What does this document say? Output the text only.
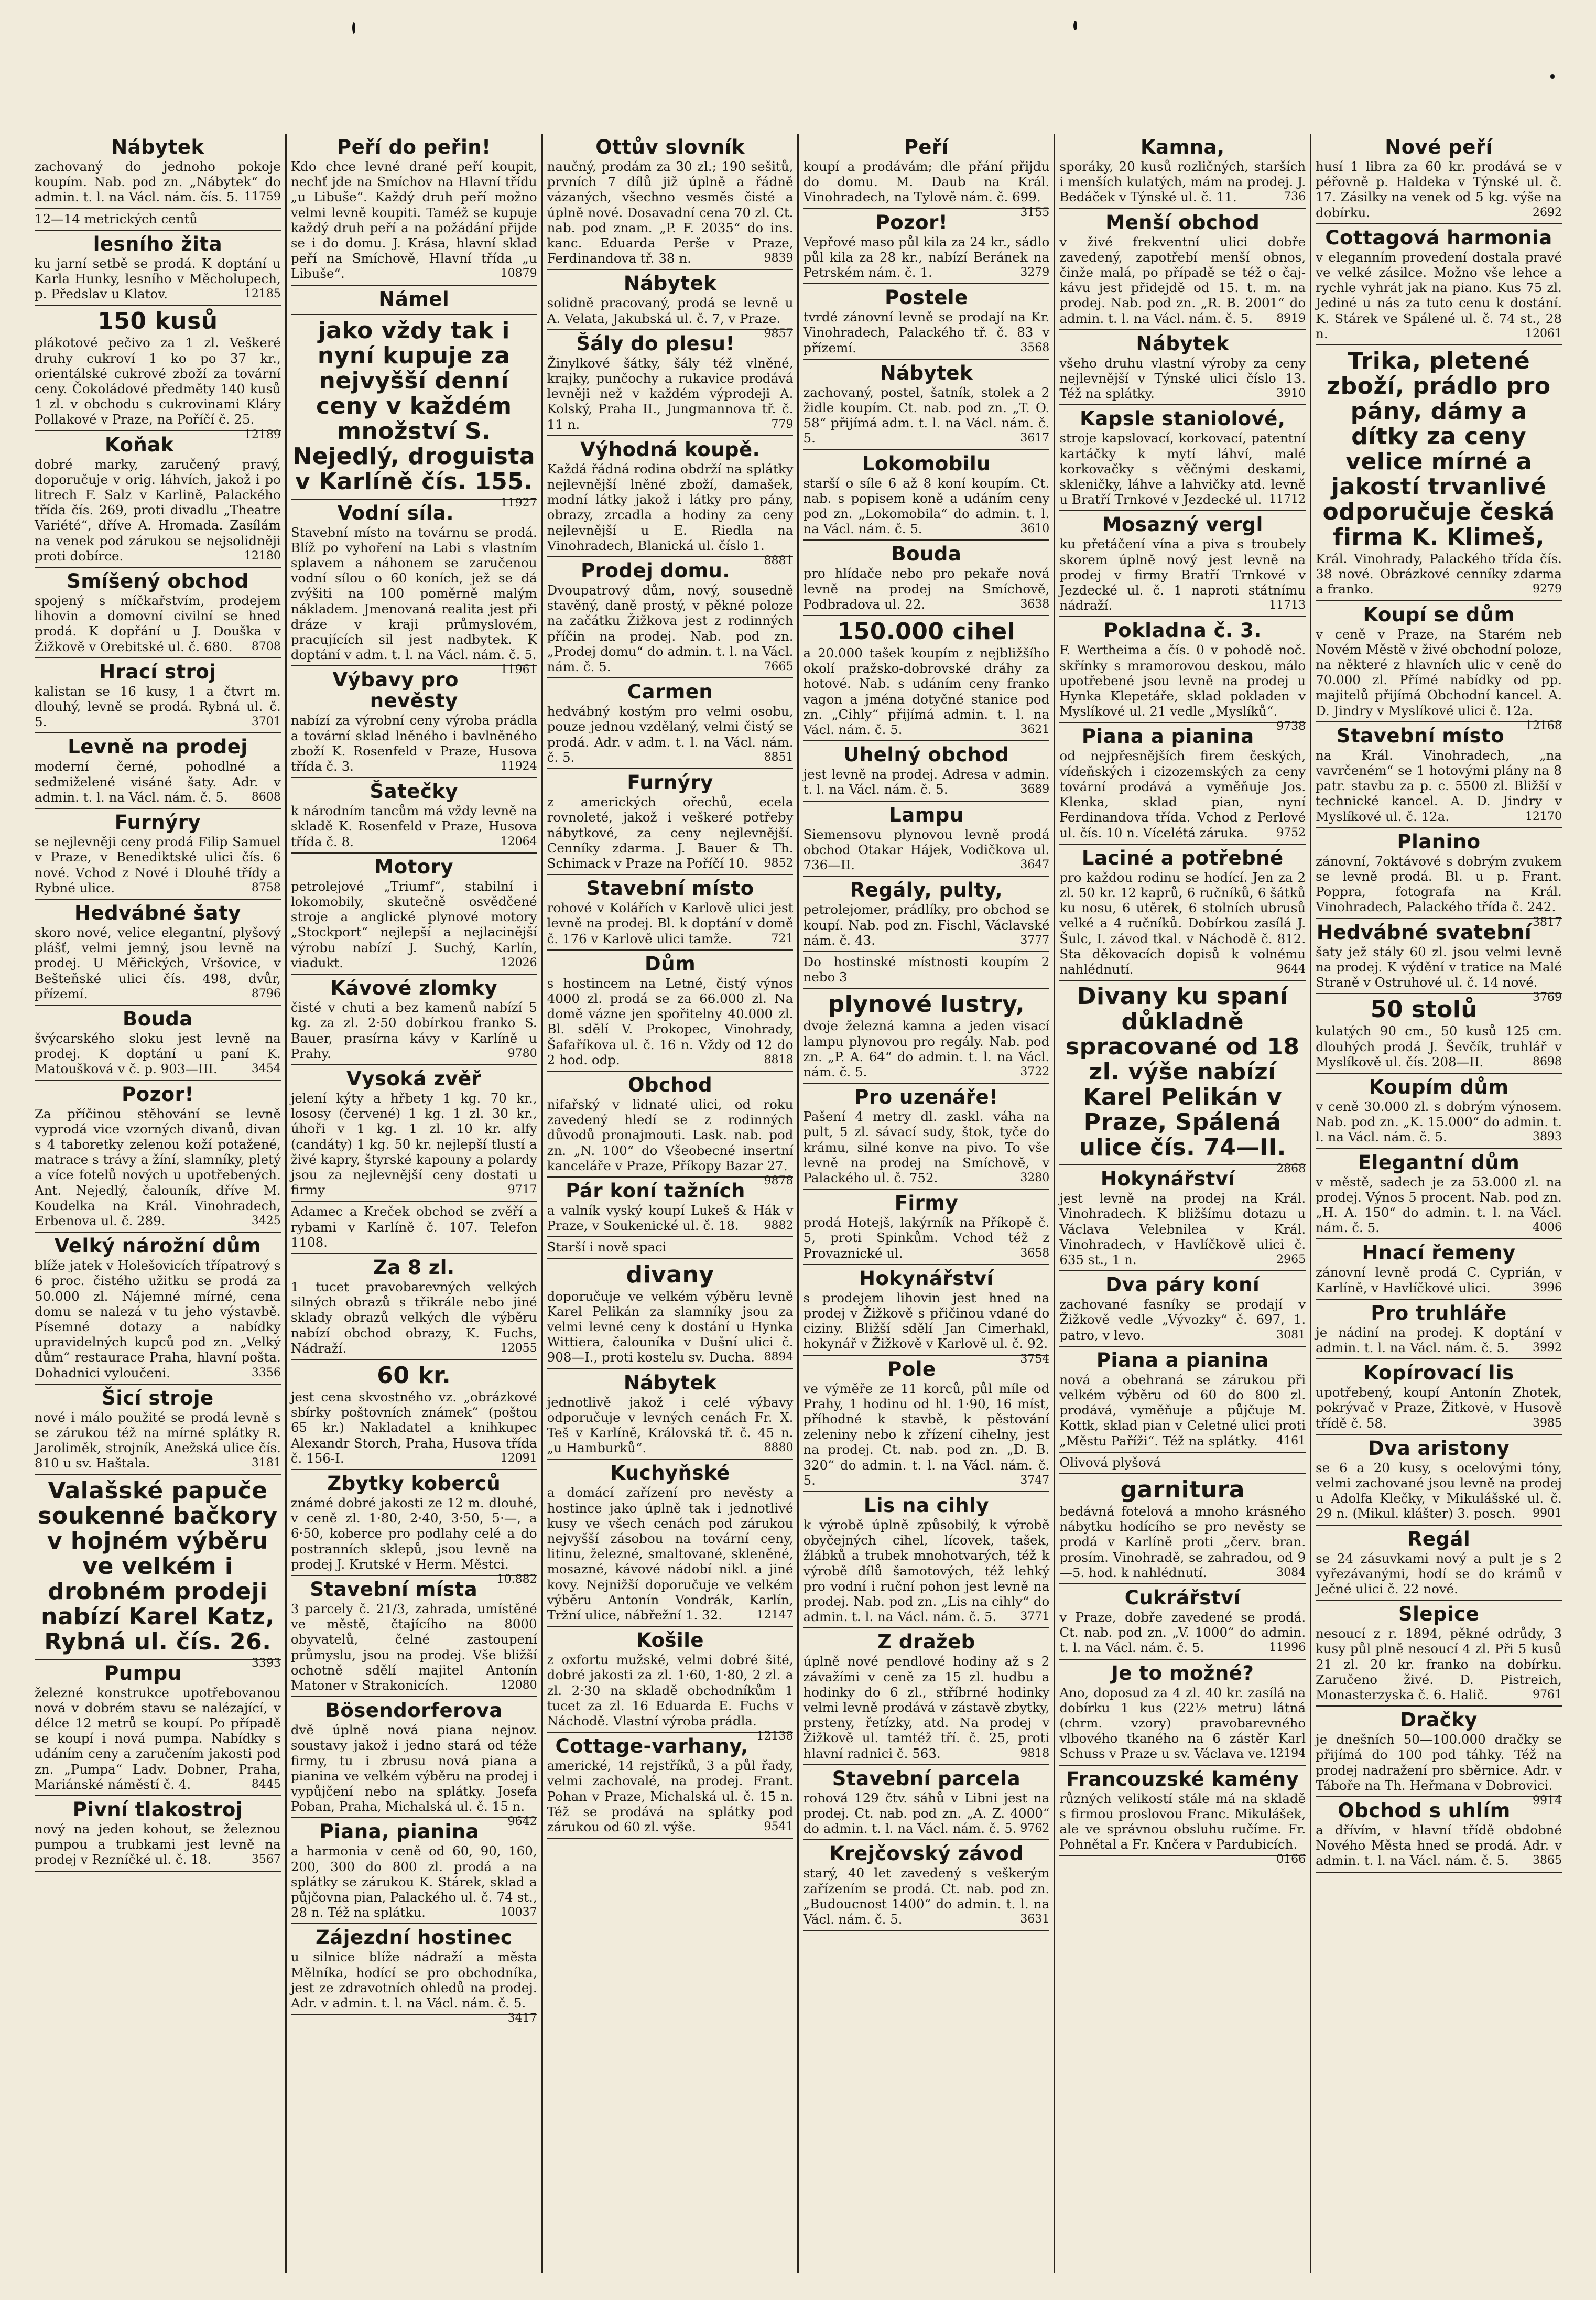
Nábytek
zachovaný do jednoho pokoje koupím. Nab. pod zn. „Nábytek“ do admin. t. l. na Václ. nám. čís. 5. 11759
12—14 metrických centů
lesního žita
ku jarní setbě se prodá. K doptání u Karla Hunky, lesního v Měcholupech, p. Předslav u Klatov.	12185
150 kusů
plákotové pečivo za 1 zl. Veškeré druhy cukroví 1 ko po 37 kr., orientálské cukrové zboží za tovární ceny. Čokoládové předměty 140 kusů 1 zl. v obchodu s cukrovinami Kláry Pollakové v Praze, na Poříčí č. 25.
12189
Koňak
dobré marky, zaručený pravý, doporučuje v orig. láhvích, jakož i po litrech F. Salz v Karlině, Palackého třída čís. 269, proti divadlu „Theatre Variété“, dříve A. Hromada. Zasílám na venek pod zárukou se nejsolidněji proti dobírce.	12180
Smíšený obchod
spojený s míčkařstvím, prodejem lihovin a domovní civilní se hned prodá. K dopřání u J. Douška v Žižkově v Orebitské ul. č. 680. 8708
Hrací stroj
kalistan se 16 kusy, 1 a čtvrt m. dlouhý, levně se prodá. Rybná ul. č. 5.	3701
Levně na prodej
moderní černé, pohodlné a sedmiželené visáné šaty. Adr. v admin. t. l. na Václ. nám. č. 5. 8608
Furnýry
se nejlevněji ceny prodá Filip Samuel v Praze, v Benediktské ulici čís. 6 nové. Vchod z Nové i Dlouhé třídy a Rybné ulice.	8758
Hedvábné šaty
skoro nové, velice elegantní, plyšový plášť, velmi jemný, jsou levně na prodej. U Měřických, Vršovice, v Bešteňské ulici čís. 498, dvůr, přízemí.	8796
Bouda
švýcarského sloku jest levně na prodej. K doptání u paní K. Matoušková v č. p. 903—III.	3454
Pozor!
Za příčinou stěhování se levně vyprodá vice vzorných divanů, divan s 4 taboretky zelenou koží potažené, matrace s trávy a žíní, slamníky, pletý a více fotelů nových u upotřebených. Ant. Nejedlý, čalouník, dříve M. Koudelka na Král. Vinohradech, Erbenova ul. č. 289.	3425
Velký nárožní dům
blíže jatek v Holešovicích třípatrový s 6 proc. čistého užitku se prodá za 50.000 zl. Nájemné mírné, cena domu se nalezá v tu jeho výstavbě. Písemné dotazy a nabídky upravidelných kupců pod zn. „Velký dům“ restaurace Praha, hlavní pošta. Dohadnici vyloučeni.	3356
Šicí stroje
nové i málo použité se prodá levně s se zárukou též na mírné splátky R. Jaroliměk, strojník, Anežská ulice čís. 810 u sv. Haštala.	3181
Valašské papuče soukenné bačkory v hojném výběru ve velkém i drobném prodeji nabízí Karel Katz, Rybná ul. čís. 26.
3393
Pumpu
železné konstrukce upotřebovanou nová v dobrém stavu se nalézající, v délce 12 metrů se koupí. Po případě se koupí i nová pumpa. Nabídky s udáním ceny a zaručením jakosti pod zn. „Pumpa“ Ladv. Dobner, Praha, Mariánské náměstí č. 4.	8445
Pivní tlakostroj
nový na jeden kohout, se železnou pumpou a trubkami jest levně na prodej v Rezníčké ul. č. 18.	3567
Peří do peřin!
Kdo chce levné drané peří koupit, nechť jde na Smíchov na Hlavní třídu „u Libuše“. Každý druh peří možno velmi levně koupiti. Taméž se kupuje každý druh peří a na požádání přijde se i do domu. J. Krása, hlavní sklad peří na Smíchově, Hlavní třída „u Libuše“.	10879
Námel
jako vždy tak i nyní kupuje za nejvyšší denní ceny v každém množství S. Nejedlý, droguista v Karlíně čís. 155.
11927
Vodní síla.
Stavební místo na továrnu se prodá. Blíž po vyhoření na Labi s vlastním splavem a náhonem se zaručenou vodní sílou o 60 koních, jež se dá zvýšiti na 100 poměrně malým nákladem. Jmenovaná realita jest při dráze v kraji průmyslovém, pracujících sil jest nadbytek. K doptání v adm. t. l. na Václ. nám. č. 5.
11961
Výbavy pro nevěsty
nabízí za výrobní ceny výroba prádla a tovární sklad lněného i bavlněného zboží K. Rosenfeld v Praze, Husova třída č. 3.	11924
Šatečky
k národním tancům má vždy levně na skladě K. Rosenfeld v Praze, Husova třída č. 8.	12064
Motory
petrolejové „Triumf“, stabilní i lokomobily, skutečně osvědčené stroje a anglické plynové motory „Stockport“ nejlepší a nejlacinější výrobu nabízí J. Suchý, Karlín, viadukt.	12026
Kávové zlomky
čisté v chuti a bez kamenů nabízí 5 kg. za zl. 2·50 dobírkou franko S. Bauer, prasírna kávy v Karlíně u Prahy.	9780
Vysoká zvěř
jelení kýty a hřbety 1 kg. 70 kr., lososy (červené) 1 kg. 1 zl. 30 kr., úhoři v 1 kg. 1 zl. 10 kr. alfy (candáty) 1 kg. 50 kr. nejlepší tlustí a živé kapry, štyrské kapouny a polardy jsou za nejlevnější ceny dostati u firmy	9717
Adamec a Kreček obchod se zvěří a rybami v Karlíně č. 107. Telefon 1108.
Za 8 zl.
1 tucet pravobarevných velkých silných obrazů s třikrále nebo jiné sklady obrazů velkých dle výběru nabízí obchod obrazy, K. Fuchs, Nádraží.	12055
60 kr.
jest cena skvostného vz. „obrázkové sbírky poštovních známek“ (poštou 65 kr.) Nakladatel a knihkupec Alexandr Storch, Praha, Husova třída č. 156-I.	12091
Zbytky koberců
známé dobré jakosti ze 12 m. dlouhé, v ceně zl. 1·80, 2·40, 3·50, 5·—, a 6·50, koberce pro podlahy celé a do postranních sklepů, jsou levně na prodej J. Krutské v Herm. Městci.
10.882
Stavební místa
3 parcely č. 21/3, zahrada, umístěné ve městě, čtajícího na 8000 obyvatelů, čelné zastoupení průmyslu, jsou na prodej. Vše bližší ochotně sdělí majitel Antonín Matoner v Strakonicích.	12080
Bösendorferova
dvě úplně nová piana nejnov. soustavy jakož i jedno stará od téže firmy, tu i zbrusu nová piana a pianina ve velkém výběru na prodej i vypůjčení nebo na splátky. Josefa Poban, Praha, Michalská ul. č. 15 n.
9642
Piana, pianina
a harmonia v ceně od 60, 90, 160, 200, 300 do 800 zl. prodá a na splátky se zárukou K. Stárek, sklad a půjčovna pian, Palackého ul. č. 74 st., 28 n. Též na splátku.	10037
Zájezdní hostinec
u silnice blíže nádraží a města Mělníka, hodící se pro obchodníka, jest ze zdravotních ohledů na prodej. Adr. v admin. t. l. na Václ. nám. č. 5.
3417
Ottův slovník
naučný, prodám za 30 zl.; 190 sešitů, prvních 7 dílů již úplně a řádně vázaných, všechno vesměs čisté a úplně nové. Dosavadní cena 70 zl. Ct. nab. pod znam. „P. F. 2035“ do ins. kanc. Eduarda Perše v Praze, Ferdinandova tř. 38 n.	9839
Nábytek
solidně pracovaný, prodá se levně u A. Velata, Jakubská ul. č. 7, v Praze.
9857
Šály do plesu!
Žinylkové šátky, šály též vlněné, krajky, punčochy a rukavice prodává levněji než v každém výprodeji A. Kolský, Praha II., Jungmannova tř. č. 11 n.	779
Výhodná koupě.
Každá řádná rodina obdrží na splátky nejlevnější lněné zboží, damašek, modní látky jakož i látky pro pány, obrazy, zrcadla a hodiny za ceny nejlevnější u E. Riedla na Vinohradech, Blanická ul. číslo 1.
8881
Prodej domu.
Dvoupatrový dům, nový, sousedně stavěný, daně prostý, v pěkné poloze na začátku Žižkova jest z rodinných příčin na prodej. Nab. pod zn. „Prodej domu“ do admin. t. l. na Václ. nám. č. 5.	7665
Carmen
hedvábný kostým pro velmi osobu, pouze jednou vzdělaný, velmi čistý se prodá. Adr. v adm. t. l. na Václ. nám. č. 5.	8851
Furnýry
z amerických ořechů, ecela rovnoleté, jakož i veškeré potřeby nábytkové, za ceny nejlevnější. Cenníky zdarma. J. Bauer & Th. Schimack v Praze na Poříčí 10. 9852
Stavební místo
rohové v Kolářích v Karlově ulici jest levně na prodej. Bl. k doptání v domě č. 176 v Karlově ulici tamže.	721
Dům
s hostincem na Letné, čistý výnos 4000 zl. prodá se za 66.000 zl. Na domě vázne jen spořitelny 40.000 zl. Bl. sdělí V. Prokopec, Vinohrady, Šafaříkova ul. č. 16 n. Vždy od 12 do 2 hod. odp.	8818
Obchod
nifařský v lidnaté ulici, od roku zavedený hledí se z rodinných důvodů pronajmouti. Lask. nab. pod zn. „N. 100“ do Všeobecné insertní kanceláře v Praze, Příkopy Bazar 27.
9878
Pár koní tažních
a valník vyský koupí Lukeš & Hák v Praze, v Soukenické ul. č. 18. 9882
Starší i nově spaci
divany
doporučuje ve velkém výběru levně Karel Pelikán za slamníky jsou za velmi levné ceny k dostání u Hynka Wittiera, čalouníka v Dušní ulici č. 908—I., proti kostelu sv. Ducha. 8894
Nábytek
jednotlivě jakož i celé výbavy odporučuje v levných cenách Fr. X. Teš v Karlíně, Královská tř. č. 45 n. „u Hamburků“.	8880
Kuchyňské
a domácí zařízení pro nevěsty a hostince jako úplně tak i jednotlivé kusy ve všech cenách pod zárukou nejvyšší zásobou na tovární ceny, litinu, železné, smaltované, skleněné, mosazné, kávové nádobí nikl. a jiné kovy. Nejnižší doporučuje ve velkém výběru Antonín Vondrák, Karlín, Tržní ulice, nábřežní 1. 32.	12147
Košile
z oxfortu mužské, velmi dobré šité, dobré jakosti za zl. 1·60, 1·80, 2 zl. a zl. 2·30 na skladě obchodníkům 1 tucet za zl. 16 Eduarda E. Fuchs v Náchodě. Vlastní výroba prádla.
12138
Cottage-varhany,
americké, 14 rejstříků, 3 a půl řady, velmi zachovalé, na prodej. Frant. Pohan v Praze, Michalská ul. č. 15 n. Též se prodává na splátky pod zárukou od 60 zl. výše.	9541
Peří
koupí a prodávám; dle přání přijdu do domu. M. Daub na Král. Vinohradech, na Tylově nám. č. 699.
3155
Pozor!
Vepřové maso půl kila za 24 kr., sádlo půl kila za 28 kr., nabízí Beránek na Petrském nám. č. 1.	3279
Postele
tvrdé zánovní levně se prodají na Kr. Vinohradech, Palackého tř. č. 83 v přízemí.	3568
Nábytek
zachovaný, postel, šatník, stolek a 2 židle koupím. Ct. nab. pod zn. „T. O. 58“ přijímá adm. t. l. na Václ. nám. č. 5.	3617
Lokomobilu
starší o síle 6 až 8 koní koupím. Ct. nab. s popisem koně a udáním ceny pod zn. „Lokomobila“ do admin. t. l. na Václ. nám. č. 5.	3610
Bouda
pro hlídače nebo pro pekaře nová levně na prodej na Smíchově, Podbradova ul. 22.	3638
150.000 cihel
a 20.000 tašek koupím z nejbližšího okolí pražsko-dobrovské dráhy za hotové. Nab. s udáním ceny franko vagon a jména dotyčné stanice pod zn. „Cihly“ přijímá admin. t. l. na Václ. nám. č. 5.	3621
Uhelný obchod
jest levně na prodej. Adresa v admin. t. l. na Václ. nám. č. 5.	3689
Lampu
Siemensovu plynovou levně prodá obchod Otakar Hájek, Vodičkova ul. 736—II.	3647
Regály, pulty,
petrolejomer, prádlíky, pro obchod se koupí. Nab. pod zn. Fischl, Václavské nám. č. 43.	3777
Do hostinské místnosti koupím 2 nebo 3
plynové lustry,
dvoje železná kamna a jeden visací lampu plynovou pro regály. Nab. pod zn. „P. A. 64“ do admin. t. l. na Václ. nám. č. 5.	3722
Pro uzenáře!
Pašení 4 metry dl. zaskl. váha na pult, 5 zl. sávací sudy, štok, tyče do krámu, silné konve na pivo. To vše levně na prodej na Smíchově, v Palackého ul. č. 752.	3280
Firmy
prodá Hotejš, lakýrník na Příkopě č. 5, proti Spinkům. Vchod též z Provaznické ul.	3658
Hokynářství
s prodejem lihovin jest hned na prodej v Žižkově s přičinou vdané do ciziny. Bližší sdělí Jan Cimerhakl, hokynář v Žižkově v Karlově ul. č. 92.
3754
Pole
ve výměře ze 11 korců, půl míle od Prahy, 1 hodinu od hl. 1·90, 16 míst, příhodné k stavbě, k pěstování zeleniny nebo k zřízení cihelny, jest na prodej. Ct. nab. pod zn. „D. B. 320“ do admin. t. l. na Václ. nám. č. 5.	3747
Lis na cihly
k výrobě úplně způsobilý, k výrobě obyčejných cihel, lícovek, tašek, žlábků a trubek mnohotvarých, též k výrobě dílů šamotových, též lehký pro vodní i ruční pohon jest levně na prodej. Nab. pod zn. „Lis na cihly“ do admin. t. l. na Václ. nám. č. 5. 3771
Z dražeb
úplně nové pendlové hodiny až s 2 závažími v ceně za 15 zl. hudbu a hodinky do 6 zl., stříbrné hodinky velmi levně prodává v zástavě zbytky, prsteny, řetízky, atd. Na prodej v Žižkově ul. tamtéž tří. č. 25, proti hlavní radnici č. 563.	9818
Stavební parcela
rohová 129 čtv. sáhů v Libni jest na prodej. Ct. nab. pod zn. „A. Z. 4000“ do admin. t. l. na Václ. nám. č. 5. 9762
Krejčovský závod
starý, 40 let zavedený s veškerým zařízením se prodá. Ct. nab. pod zn. „Budoucnost 1400“ do admin. t. l. na Václ. nám. č. 5.	3631
Kamna,
sporáky, 20 kusů rozličných, starších i menších kulatých, mám na prodej. J. Bedáček v Týnské ul. č. 11.	736
Menší obchod
v živé frekventní ulici dobře zavedený, zapotřebí menší obnos, činže malá, po případě se též o čaj-kávu jest přidejdě od 15. t. m. na prodej. Nab. pod zn. „R. B. 2001“ do admin. t. l. na Václ. nám. č. 5. 8919
Nábytek
všeho druhu vlastní výroby za ceny nejlevnější v Týnské ulici číslo 13. Též na splátky.	3910
Kapsle staniolové,
stroje kapslovací, korkovací, patentní kartáčky k mytí láhví, malé korkovačky s věčnými deskami, skleničky, láhve a lahvičky atd. levně u Bratří Trnkové v Jezdecké ul. 11712
Mosazný vergl
ku přetáčení vína a piva s troubely skorem úplně nový jest levně na prodej v firmy Bratří Trnkové v Jezdecké ul. č. 1 naproti státnímu nádraží.	11713
Pokladna č. 3.
F. Wertheima a čís. 0 v pohodě noč. skřínky s mramorovou deskou, málo upotřebené jsou levně na prodej u Hynka Klepetáře, sklad pokladen v Myslíkové ul. 21 vedle „Myslíků“.
9738
Piana a pianina
od nejpřesnějších firem českých, vídeňských i cizozemských za ceny tovární prodává a vyměňuje Jos. Klenka, sklad pian, nyní Ferdinandova třída. Vchod z Perlové ul. čís. 10 n. Vícelétá záruka. 9752
Laciné a potřebné
pro každou rodinu se hodící. Jen za 2 zl. 50 kr. 12 kaprů, 6 ručníků, 6 šátků ku nosu, 6 utěrek, 6 stolních ubrusů velké a 4 ručníků. Dobírkou zasílá J. Šulc, I. závod tkal. v Náchodě č. 812. Sta děkovacích dopisů k volnému nahlédnutí.	9644
Divany ku spaní důkladně spracované od 18 zl. výše nabízí Karel Pelikán v Praze, Spálená ulice čís. 74—II.
2868
Hokynářství
jest levně na prodej na Král. Vinohradech. K bližšímu dotazu u Václava Velebnilea v Král. Vinohradech, v Havlíčkově ulici č. 635 st., 1 n.	2965
Dva páry koní
zachované fasníky se prodají v Žižkově vedle „Vývozky“ č. 697, 1. patro, v levo.	3081
Piana a pianina
nová a obehraná se zárukou při velkém výběru od 60 do 800 zl. prodává, vyměňuje a půjčuje M. Kottk, sklad pian v Celetné ulici proti „Městu Paříži“. Též na splátky. 4161
Olivová plyšová
garnitura
bedávná fotelová a mnoho krásného nábytku hodícího se pro nevěsty se prodá v Karlíně proti „červ. bran. prosím. Vinohradě, se zahradou, od 9—5. hod. k nahlédnutí.	3084
Cukrářství
v Praze, dobře zavedené se prodá. Ct. nab. pod zn. „V. 1000“ do admin. t. l. na Václ. nám. č. 5.	11996
Je to možné?
Ano, doposud za 4 zl. 40 kr. zasílá na dobírku 1 kus (22½ metru) látná (chrm. vzory) pravobarevného vlbového tkaného na 6 zástěr Karl Schuss v Praze u sv. Václava ve. 12194
Francouzské kamény
různých velikostí stále má na skladě s firmou proslovou Franc. Mikulášek, ale ve správnou obsluhu ručíme. Fr. Pohnětal a Fr. Knčera v Pardubicích.
0166
Nové peří
husí 1 libra za 60 kr. prodává se v péřovně p. Haldeka v Týnské ul. č. 17. Zásilky na venek od 5 kg. výše na dobírku.	2692
Cottagová harmonia
v eleganním provedení dostala pravé ve velké zásilce. Možno vše lehce a rychle vyhrát jak na piano. Kus 75 zl. Jediné u nás za tuto cenu k dostání. K. Stárek ve Spálené ul. č. 74 st., 28 n.	12061
Trika, pletené zboží, prádlo pro pány, dámy a dítky za ceny velice mírné a jakostí trvanlivé odporučuje česká firma K. Klimeš,
Král. Vinohrady, Palackého třída čís. 38 nové. Obrázkové cenníky zdarma a franko.	9279
Koupí se dům
v ceně v Praze, na Starém neb Novém Městě v živé obchodní poloze, na některé z hlavních ulic v ceně do 70.000 zl. Přímé nabídky od pp. majitelů přijímá Obchodní kancel. A. D. Jindry v Myslíkové ulici č. 12a.
12168
Stavební místo
na Král. Vinohradech, „na vavrčeném“ se 1 hotovými plány na 8 patr. stavbu za p. c. 5500 zl. Bližší v technické kancel. A. D. Jindry v Myslíkové ul. č. 12a.	12170
Planino
zánovní, 7oktávové s dobrým zvukem se levně prodá. Bl. u p. Frant. Poppra, fotografa na Král. Vinohradech, Palackého třída č. 242.
3817
Hedvábné svatební
šaty jež stály 60 zl. jsou velmi levně na prodej. K výdění v tratice na Malé Straně v Ostruhové ul. č. 14 nové.
3769
50 stolů
kulatých 90 cm., 50 kusů 125 cm. dlouhých prodá J. Ševčík, truhlář v Myslíkově ul. čís. 208—II.	8698
Koupím dům
v ceně 30.000 zl. s dobrým výnosem. Nab. pod zn. „K. 15.000“ do admin. t. l. na Václ. nám. č. 5.	3893
Elegantní dům
v městě, sadech je za 53.000 zl. na prodej. Výnos 5 procent. Nab. pod zn. „H. A. 150“ do admin. t. l. na Václ. nám. č. 5.	4006
Hnací řemeny
zánovní levně prodá C. Cyprián, v Karlíně, v Havlíčkové ulici.	3996
Pro truhláře
je nádiní na prodej. K doptání v admin. t. l. na Václ. nám. č. 5. 3992
Kopírovací lis
upotřebený, koupí Antonín Zhotek, pokrývač v Praze, Žitkovė, v Husově třídě č. 58.	3985
Dva aristony
se 6 a 20 kusy, s ocelovými tóny, velmi zachované jsou levně na prodej u Adolfa Klečky, v Mikulášské ul. č. 29 n. (Mikul. klášter) 3. posch. 9901
Regál
se 24 zásuvkami nový a pult je s 2 vyřezávanými, hodí se do krámů v Ječné ulici č. 22 nové.
Slepice
nesoucí z r. 1894, pěkné odrůdy, 3 kusy půl plně nesoucí 4 zl. Při 5 kusů 21 zl. 20 kr. franko na dobírku. Zaručeno živé. D. Pistreich, Monasterzyska č. 6. Halič.	9761
Dračky
je dnešních 50—100.000 dračky se přijímá do 100 pod táhky. Též na prodej nadražení pro sběrnice. Adr. v Táboře na Th. Heřmana v Dobrovici.
9914
Obchod s uhlím
a dřívím, v hlavní třídě obdobné Nového Města hned se prodá. Adr. v admin. t. l. na Václ. nám. č. 5. 3865
